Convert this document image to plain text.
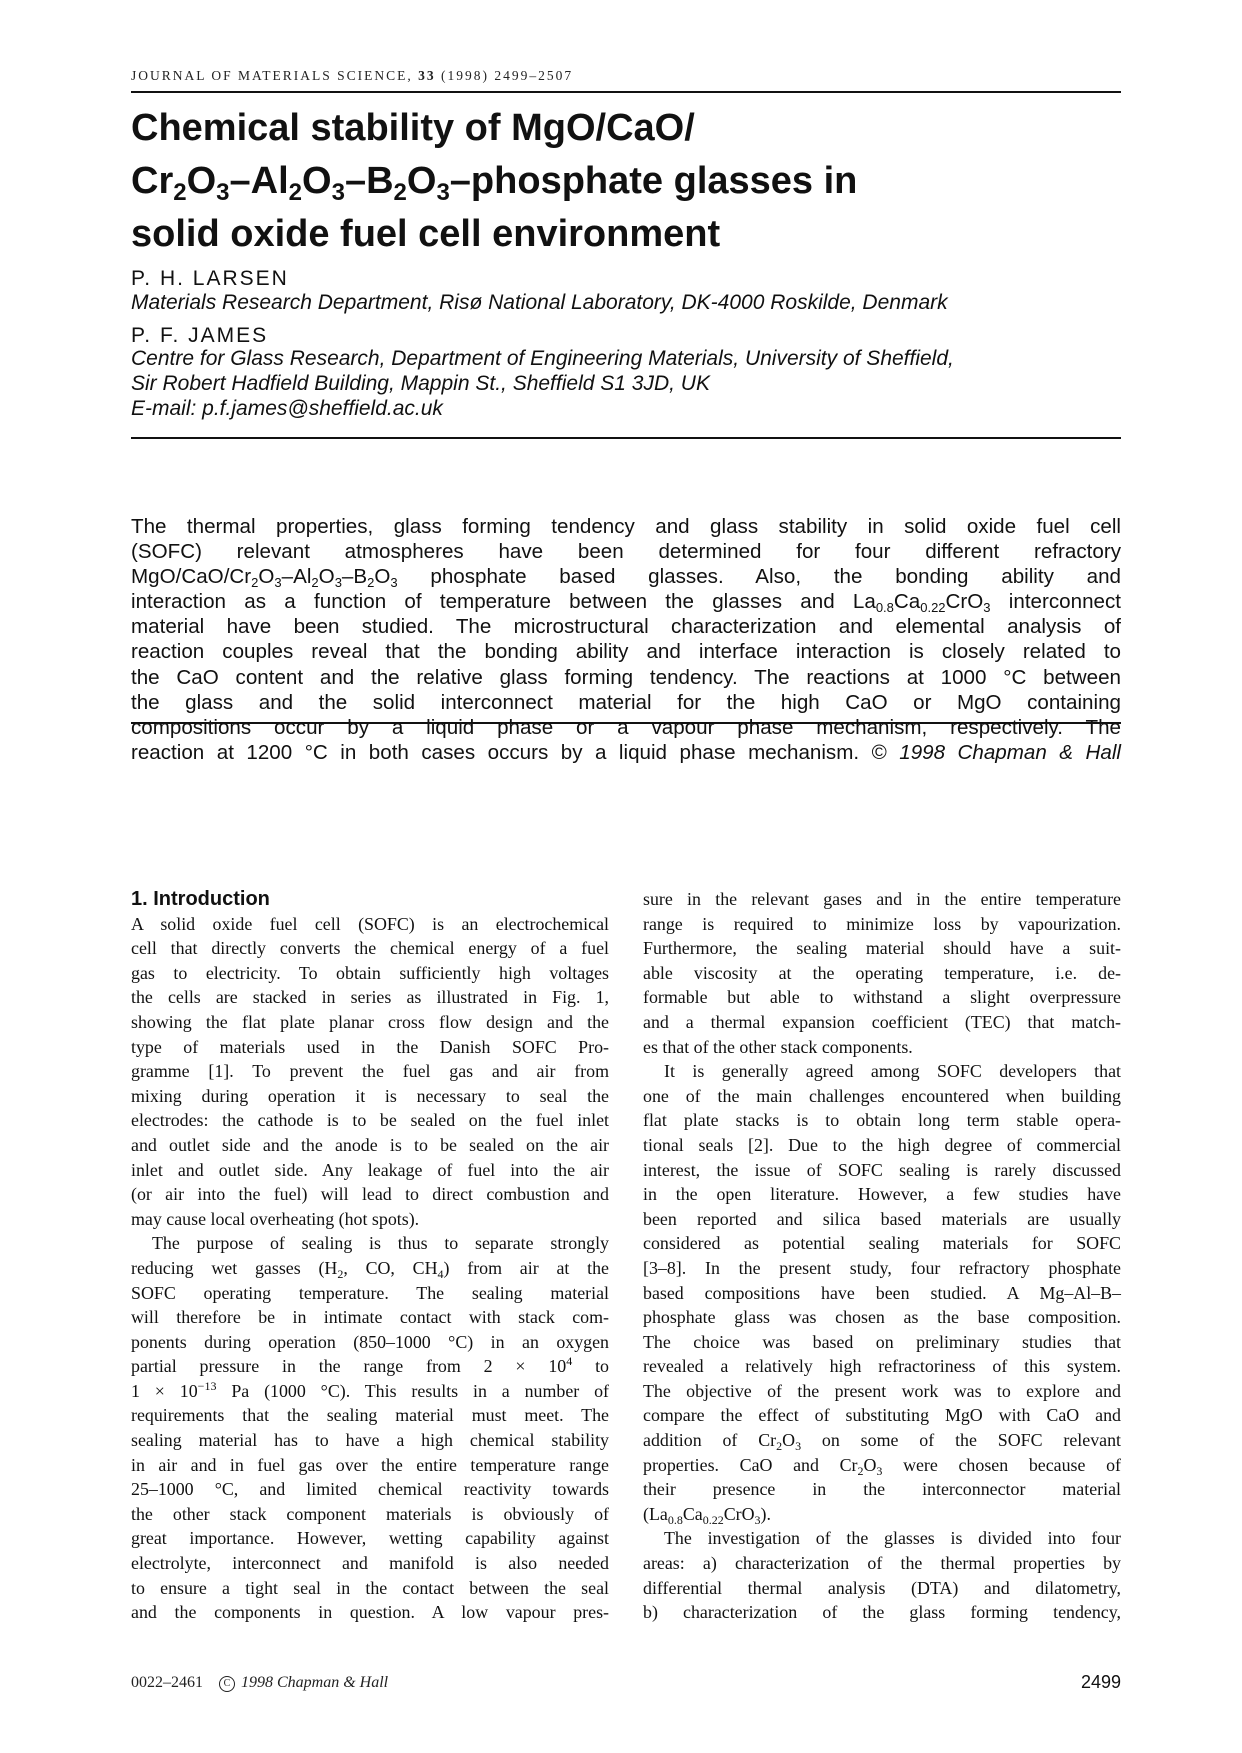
JOURNAL OF MATERIALS SCIENCE, 33 (1998) 2499–2507
Chemical stability of MgO/CaO/
$Cr_2O_3-Al_2O_3-B_2O_3$–phosphate glasses in
solid oxide fuel cell environment
P. H. LARSEN
Materials Research Department, Risø National Laboratory, DK-4000 Roskilde, Denmark
P. F. JAMES
Centre for Glass Research, Department of Engineering Materials, University of Sheffield,
Sir Robert Hadfield Building, Mappin St., Sheffield S1 3JD, UK
E-mail: p.f.james@sheffield.ac.uk
The thermal properties, glass forming tendency and glass stability in solid oxide fuel cell
(SOFC) relevant atmospheres have been determined for four different refractory
MgO/$CaO/Cr_2O_3-Al_2O_3-B_2O_3$ phosphate based glasses. Also, the bonding ability and
interaction as a function of temperature between the glasses and $La_{0.8}Ca_{0.22}CrO_3$ interconnect
material have been studied. The microstructural characterization and elemental analysis of
reaction couples reveal that the bonding ability and interface interaction is closely related to
the CaO content and the relative glass forming tendency. The reactions at 1000 °C between
the glass and the solid interconnect material for the high CaO or MgO containing
compositions occur by a liquid phase or a vapour phase mechanism, respectively. The
reaction at 1200 °C in both cases occurs by a liquid phase mechanism. © 1998 Chapman & Hall
1. Introduction
A solid oxide fuel cell (SOFC) is an electrochemical
cell that directly converts the chemical energy of a fuel
gas to electricity. To obtain sufficiently high voltages
the cells are stacked in series as illustrated in Fig. 1,
showing the flat plate planar cross flow design and the
type of materials used in the Danish SOFC Pro-
gramme [1]. To prevent the fuel gas and air from
mixing during operation it is necessary to seal the
electrodes: the cathode is to be sealed on the fuel inlet
and outlet side and the anode is to be sealed on the air
inlet and outlet side. Any leakage of fuel into the air
(or air into the fuel) will lead to direct combustion and
may cause local overheating (hot spots).
The purpose of sealing is thus to separate strongly
reducing wet gasses ($H_2$, CO, $CH_4$) from air at the
SOFC operating temperature. The sealing material
will therefore be in intimate contact with stack com-
ponents during operation (850–1000 °C) in an oxygen
partial pressure in the range from $2 \times 10^4$ to
$1 \times 10^{-13}$ Pa (1000 °C). This results in a number of
requirements that the sealing material must meet. The
sealing material has to have a high chemical stability
in air and in fuel gas over the entire temperature range
25–1000 °C, and limited chemical reactivity towards
the other stack component materials is obviously of
great importance. However, wetting capability against
electrolyte, interconnect and manifold is also needed
to ensure a tight seal in the contact between the seal
and the components in question. A low vapour pres-
sure in the relevant gases and in the entire temperature
range is required to minimize loss by vapourization.
Furthermore, the sealing material should have a suit-
able viscosity at the operating temperature, i.e. de-
formable but able to withstand a slight overpressure
and a thermal expansion coefficient (TEC) that match-
es that of the other stack components.
It is generally agreed among SOFC developers that
one of the main challenges encountered when building
flat plate stacks is to obtain long term stable opera-
tional seals [2]. Due to the high degree of commercial
interest, the issue of SOFC sealing is rarely discussed
in the open literature. However, a few studies have
been reported and silica based materials are usually
considered as potential sealing materials for SOFC
[3–8]. In the present study, four refractory phosphate
based compositions have been studied. A Mg–Al–B–
phosphate glass was chosen as the base composition.
The choice was based on preliminary studies that
revealed a relatively high refractoriness of this system.
The objective of the present work was to explore and
compare the effect of substituting MgO with CaO and
addition of $Cr_2O_3$ on some of the SOFC relevant
properties. CaO and $Cr_2O_3$ were chosen because of
their presence in the interconnector material
$(La_{0.8}Ca_{0.22}CrO_3)$.
The investigation of the glasses is divided into four
areas: a) characterization of the thermal properties by
differential thermal analysis (DTA) and dilatometry,
b) characterization of the glass forming tendency,
0022–2461 C 1998 Chapman & Hall	2499
